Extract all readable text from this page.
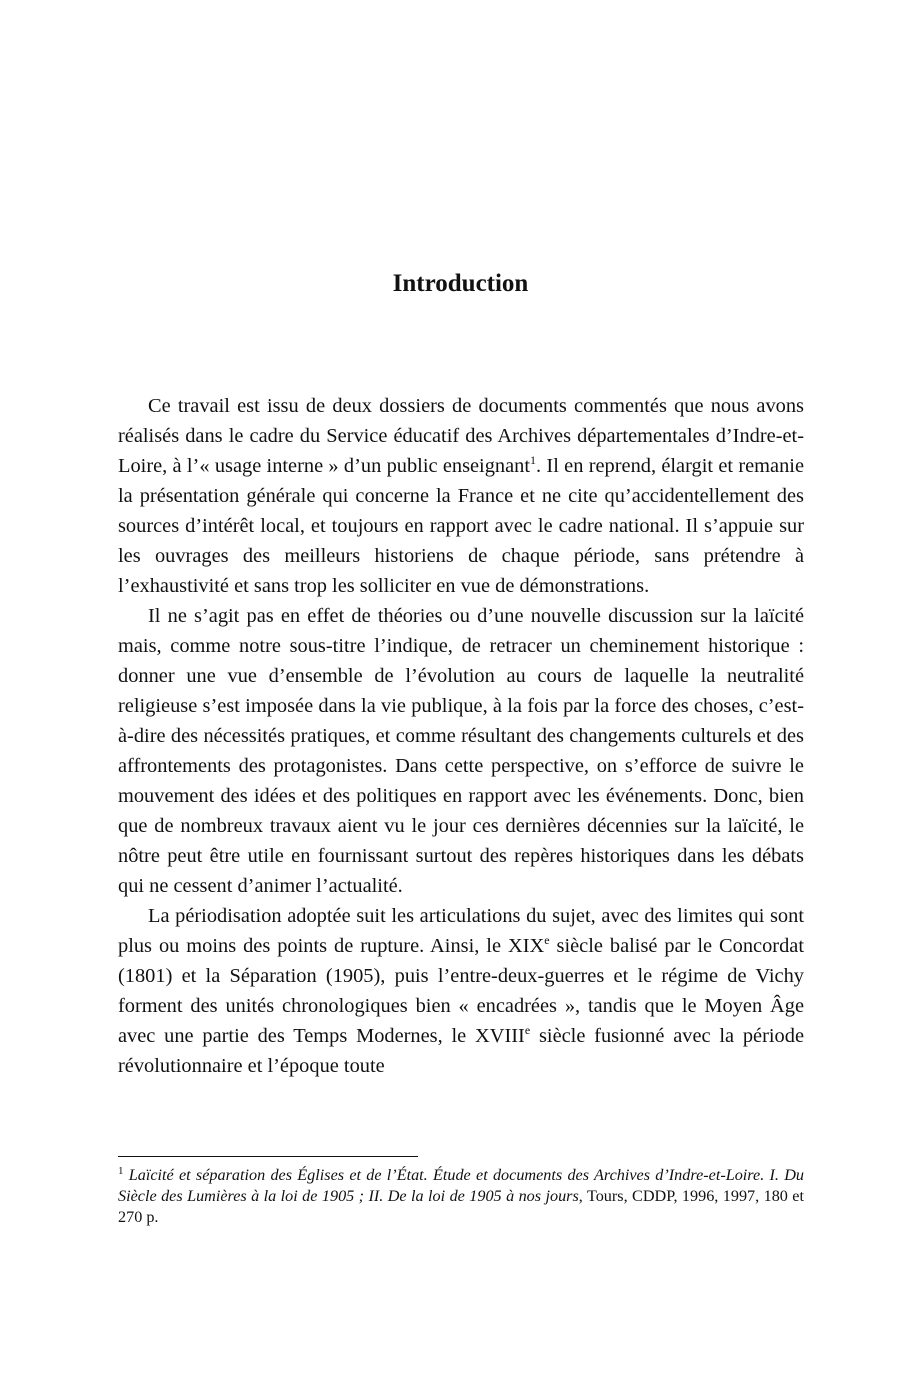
Introduction

Ce travail est issu de deux dossiers de documents commentés que nous avons réalisés dans le cadre du Service éducatif des Archives départementales d’Indre-et-Loire, à l’« usage interne » d’un public enseignant$^1$. Il en reprend, élargit et remanie la présentation générale qui concerne la France et ne cite qu’accidentellement des sources d’intérêt local, et toujours en rapport avec le cadre national. Il s’appuie sur les ouvrages des meilleurs historiens de chaque période, sans prétendre à l’exhaustivité et sans trop les solliciter en vue de démonstrations.

Il ne s’agit pas en effet de théories ou d’une nouvelle discussion sur la laïcité mais, comme notre sous-titre l’indique, de retracer un cheminement historique : donner une vue d’ensemble de l’évolution au cours de laquelle la neutralité religieuse s’est imposée dans la vie publique, à la fois par la force des choses, c’est-à-dire des nécessités pratiques, et comme résultant des changements culturels et des affrontements des protagonistes. Dans cette perspective, on s’efforce de suivre le mouvement des idées et des politiques en rapport avec les événements. Donc, bien que de nombreux travaux aient vu le jour ces dernières décennies sur la laïcité, le nôtre peut être utile en fournissant surtout des repères historiques dans les débats qui ne cessent d’animer l’actualité.

La périodisation adoptée suit les articulations du sujet, avec des limites qui sont plus ou moins des points de rupture. Ainsi, le XIXe siècle balisé par le Concordat (1801) et la Séparation (1905), puis l’entre-deux-guerres et le régime de Vichy forment des unités chronologiques bien « encadrées », tandis que le Moyen Âge avec une partie des Temps Modernes, le XVIIIe siècle fusionné avec la période révolutionnaire et l’époque toute

$^1$ Laïcité et séparation des Églises et de l’État. Étude et documents des Archives d’Indre-et-Loire. I. Du Siècle des Lumières à la loi de 1905 ; II. De la loi de 1905 à nos jours, Tours, CDDP, 1996, 1997, 180 et 270 p.
